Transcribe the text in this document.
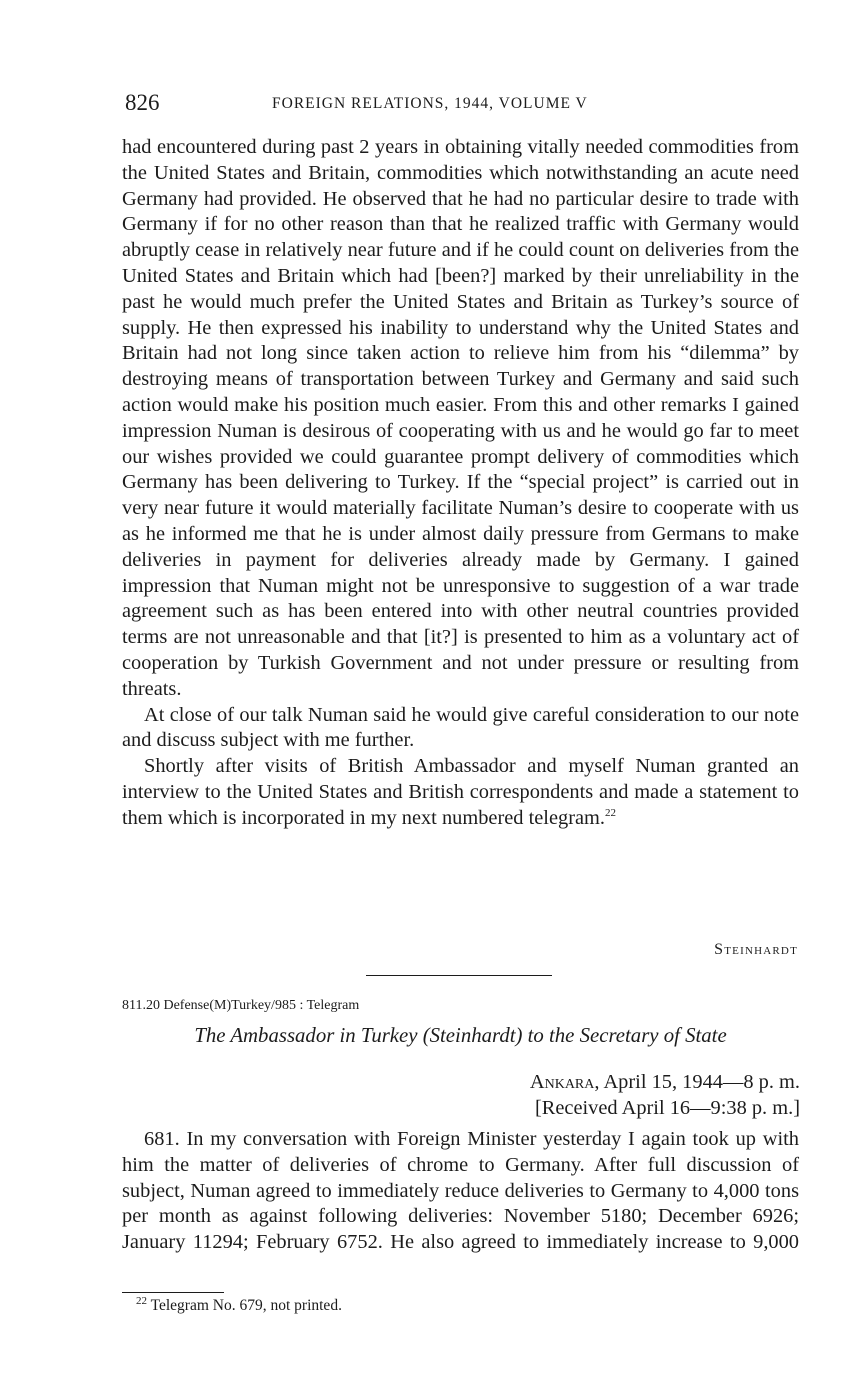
826	FOREIGN RELATIONS, 1944, VOLUME V

had encountered during past 2 years in obtaining vitally needed commodities from the United States and Britain, commodities which notwithstanding an acute need Germany had provided. He observed that he had no particular desire to trade with Germany if for no other reason than that he realized traffic with Germany would abruptly cease in relatively near future and if he could count on deliveries from the United States and Britain which had [been?] marked by their unreliability in the past he would much prefer the United States and Britain as Turkey’s source of supply. He then expressed his inability to understand why the United States and Britain had not long since taken action to relieve him from his “dilemma” by destroying means of transportation between Turkey and Germany and said such action would make his position much easier. From this and other remarks I gained impression Numan is desirous of cooperating with us and he would go far to meet our wishes provided we could guarantee prompt delivery of commodities which Germany has been delivering to Turkey. If the “special project” is carried out in very near future it would materially facilitate Numan’s desire to cooperate with us as he informed me that he is under almost daily pressure from Germans to make deliveries in payment for deliveries already made by Germany. I gained impression that Numan might not be unresponsive to suggestion of a war trade agreement such as has been entered into with other neutral countries provided terms are not unreasonable and that [it?] is presented to him as a voluntary act of cooperation by Turkish Government and not under pressure or resulting from threats.

At close of our talk Numan said he would give careful consideration to our note and discuss subject with me further.

Shortly after visits of British Ambassador and myself Numan granted an interview to the United States and British correspondents and made a statement to them which is incorporated in my next numbered telegram.$^{22}$

Steinhardt
811.20 Defense(M)Turkey/985 : Telegram
The Ambassador in Turkey (Steinhardt) to the Secretary of State
Ankara, April 15, 1944—8 p. m.
[Received April 16—9:38 p. m.]

681. In my conversation with Foreign Minister yesterday I again took up with him the matter of deliveries of chrome to Germany. After full discussion of subject, Numan agreed to immediately reduce deliveries to Germany to 4,000 tons per month as against following deliveries: November 5180; December 6926; January 11294; February 6752. He also agreed to immediately increase to 9,000

$^{22}$ Telegram No. 679, not printed.
